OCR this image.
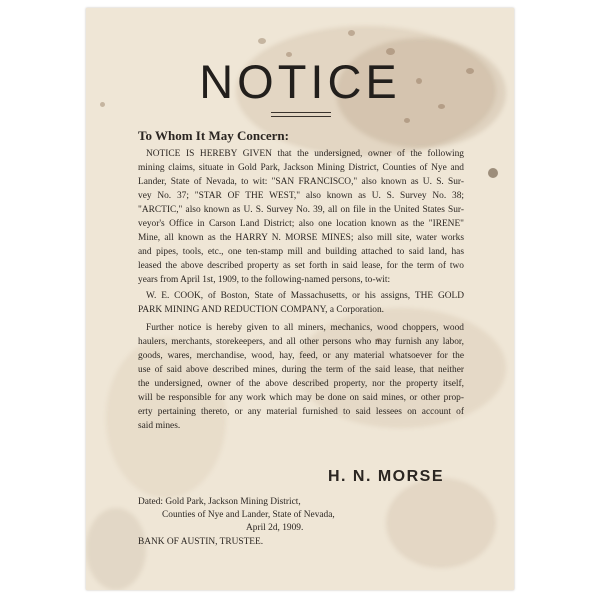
NOTICE
To Whom It May Concern:
NOTICE IS HEREBY GIVEN that the undersigned, owner of the following
mining claims, situate in Gold Park, Jackson Mining District, Counties of Nye and
Lander, State of Nevada, to wit: "SAN FRANCISCO," also known as U. S. Sur-
vey No. 37; "STAR OF THE WEST," also known as U. S. Survey No. 38;
"ARCTIC," also known as U. S. Survey No. 39, all on file in the United States Sur-
veyor's Office in Carson Land District; also one location known as the "IRENE"
Mine, all known as the HARRY N. MORSE MINES; also mill site, water works
and pipes, tools, etc., one ten-stamp mill and building attached to said land, has
leased the above described property as set forth in said lease, for the term of two
years from April 1st, 1909, to the following-named persons, to-wit:
W. E. COOK, of Boston, State of Massachusetts, or his assigns, THE GOLD
PARK MINING AND REDUCTION COMPANY, a Corporation.
Further notice is hereby given to all miners, mechanics, wood choppers, wood
haulers, merchants, storekeepers, and all other persons who may furnish any labor,
goods, wares, merchandise, wood, hay, feed, or any material whatsoever for the
use of said above described mines, during the term of the said lease, that neither
the undersigned, owner of the above described property, nor the property itself,
will be responsible for any work which may be done on said mines, or other prop-
erty pertaining thereto, or any material furnished to said lessees on account of
said mines.
H. N. MORSE
Dated: Gold Park, Jackson Mining District,
Counties of Nye and Lander, State of Nevada,
April 2d, 1909.
BANK OF AUSTIN, TRUSTEE.
